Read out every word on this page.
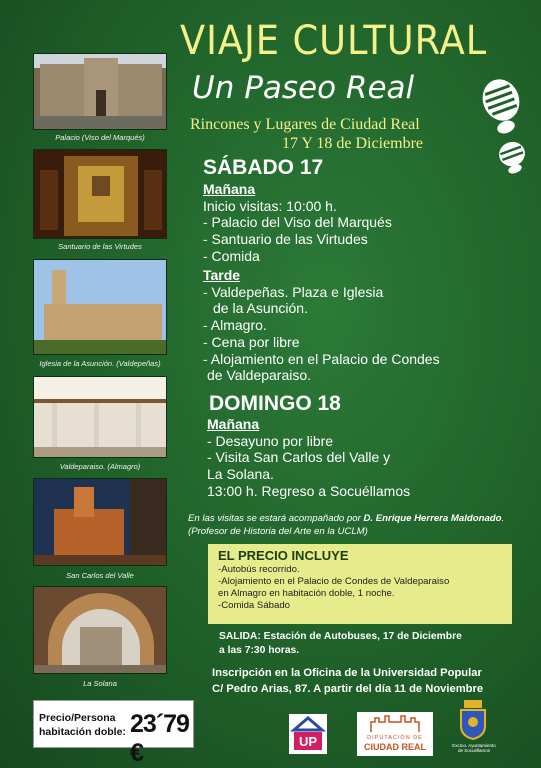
Palacio (Viso del Marqués)
Santuario de las Virtudes
Iglesia de la Asunción. (Valdepeñas)
Valdeparaiso. (Almagro)
San Carlos del Valle
La Solana
VIAJE CULTURAL
Un Paseo Real
Rincones y Lugares de Ciudad Real
17 Y 18 de Diciembre
SÁBADO 17
Mañana
Inicio visitas: 10:00 h.
- Palacio del Viso del Marqués
- Santuario de las Virtudes
- Comida
Tarde
- Valdepeñas. Plaza e Iglesia
de la Asunción.
- Almagro.
- Cena por libre
- Alojamiento en el Palacio de Condes
de Valdeparaiso.
DOMINGO 18
Mañana
- Desayuno por libre
- Visita San Carlos del Valle y
La Solana.
13:00 h. Regreso a Socuéllamos
En las visitas se estará acompañado por D. Enrique Herrera Maldonado. (Profesor de Historia del Arte en la UCLM)
EL PRECIO INCLUYE
-Autobús recorrido.
-Alojamiento en el Palacio de Condes de Valdeparaiso
en Almagro en habitación doble, 1 noche.
-Comida Sábado
SALIDA: Estación de Autobuses, 17 de Diciembre
a las 7:30 horas.
Inscripción en la Oficina de la Universidad Popular
C/ Pedro Arias, 87. A partir del día 11 de Noviembre
Precio/Persona
habitación doble: 23´79 €	UP	DIPUTACIÓN DE
CIUDAD REAL	Excmo. Ayuntamiento
de Socuéllamos
